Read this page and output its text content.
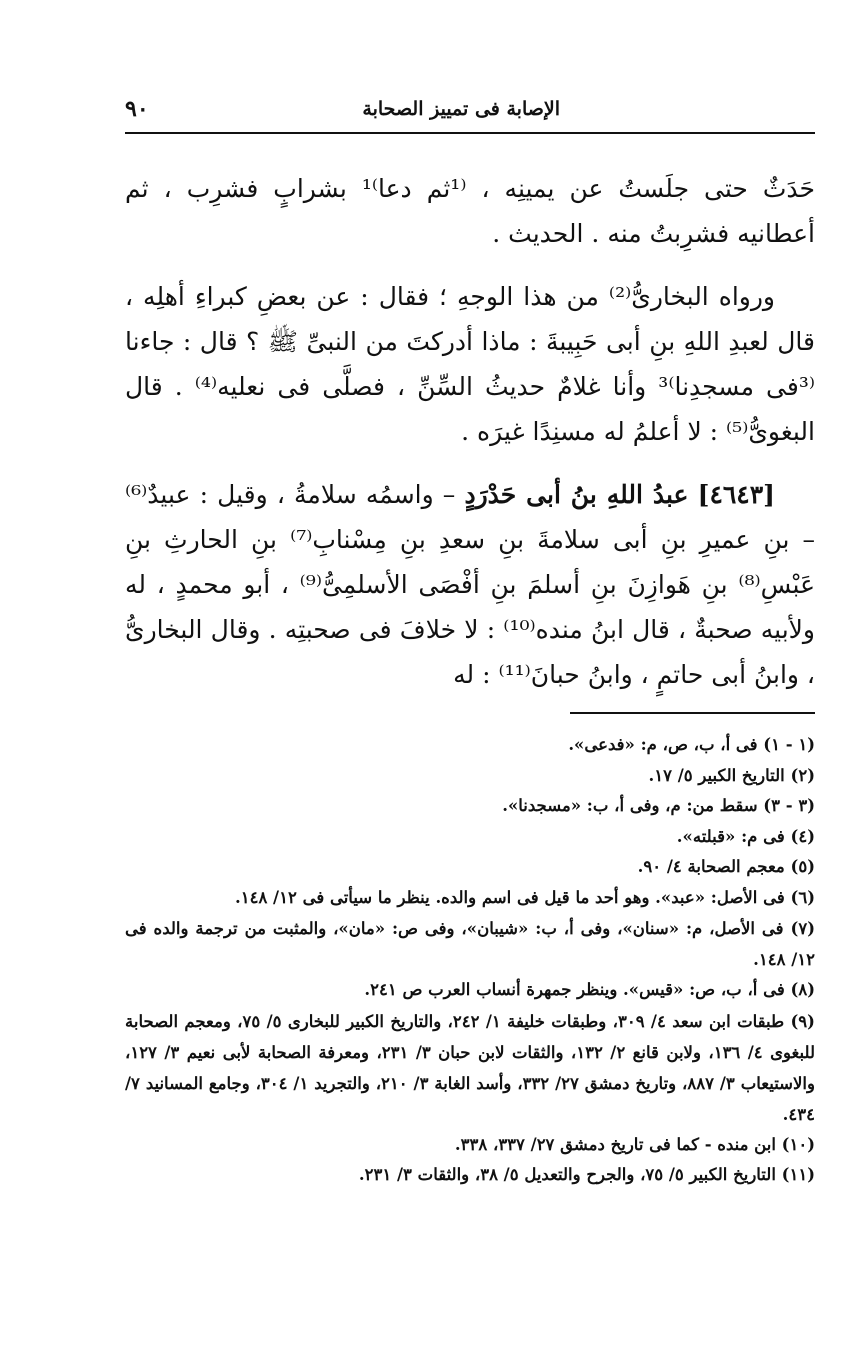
الإصابة فى تمييز الصحابة
٩٠

حَدَثٌ حتى جلَستُ عن يمينِه ، ⁽¹ثم دعا⁾¹ بشرابٍ فشرِب ، ثم أعطانيه فشرِبتُ منه . الحديث .

ورواه البخارىُّ⁽²⁾ من هذا الوجهِ ؛ فقال : عن بعضِ كبراءِ أهلِه ، قال لعبدِ اللهِ بنِ أبى حَبِيبةَ : ماذا أدركتَ من النبىِّ ﷺ ؟ قال : جاءنا ⁽³فى مسجدِنا⁾³ وأنا غلامٌ حديثُ السِّنِّ ، فصلَّى فى نعليه⁽⁴⁾ . قال البغوىُّ⁽⁵⁾ : لا أعلمُ له مسنِدًا غيرَه .

[٤٦٤٣] عبدُ اللهِ بنُ أبى حَدْرَدٍ – واسمُه سلامةُ ، وقيل : عبيدٌ⁽⁶⁾ – بنِ عميرِ بنِ أبى سلامةَ بنِ سعدِ بنِ مِسْنابِ⁽⁷⁾ بنِ الحارثِ بنِ عَبْسِ⁽⁸⁾ بنِ هَوازِنَ بنِ أسلمَ بنِ أفْصَى الأسلمِىُّ⁽⁹⁾ ، أبو محمدٍ ، له ولأبيه صحبةٌ ، قال ابنُ منده⁽¹⁰⁾ : لا خلافَ فى صحبتِه . وقال البخارىُّ ، وابنُ أبى حاتمٍ ، وابنُ حبانَ⁽¹¹⁾ : له

(١ - ١) فى أ، ب، ص، م: «فدعى».

(٢) التاريخ الكبير ٥/ ١٧.

(٣ - ٣) سقط من: م، وفى أ، ب: «مسجدنا».

(٤) فى م: «قبلته».

(٥) معجم الصحابة ٤/ ٩٠.

(٦) فى الأصل: «عبد». وهو أحد ما قيل فى اسم والده. ينظر ما سيأتى فى ١٢/ ١٤٨.

(٧) فى الأصل، م: «سنان»، وفى أ، ب: «شيبان»، وفى ص: «مان»، والمثبت من ترجمة والده فى ١٢/ ١٤٨.

(٨) فى أ، ب، ص: «قيس». وينظر جمهرة أنساب العرب ص ٢٤١.

(٩) طبقات ابن سعد ٤/ ٣٠٩، وطبقات خليفة ١/ ٢٤٢، والتاريخ الكبير للبخارى ٥/ ٧٥، ومعجم الصحابة للبغوى ٤/ ١٣٦، ولابن قانع ٢/ ١٣٢، والثقات لابن حبان ٣/ ٢٣١، ومعرفة الصحابة لأبى نعيم ٣/ ١٢٧، والاستيعاب ٣/ ٨٨٧، وتاريخ دمشق ٢٧/ ٣٣٢، وأسد الغابة ٣/ ٢١٠، والتجريد ١/ ٣٠٤، وجامع المسانيد ٧/ ٤٣٤.

(١٠) ابن منده - كما فى تاريخ دمشق ٢٧/ ٣٣٧، ٣٣٨.

(١١) التاريخ الكبير ٥/ ٧٥، والجرح والتعديل ٥/ ٣٨، والثقات ٣/ ٢٣١.
